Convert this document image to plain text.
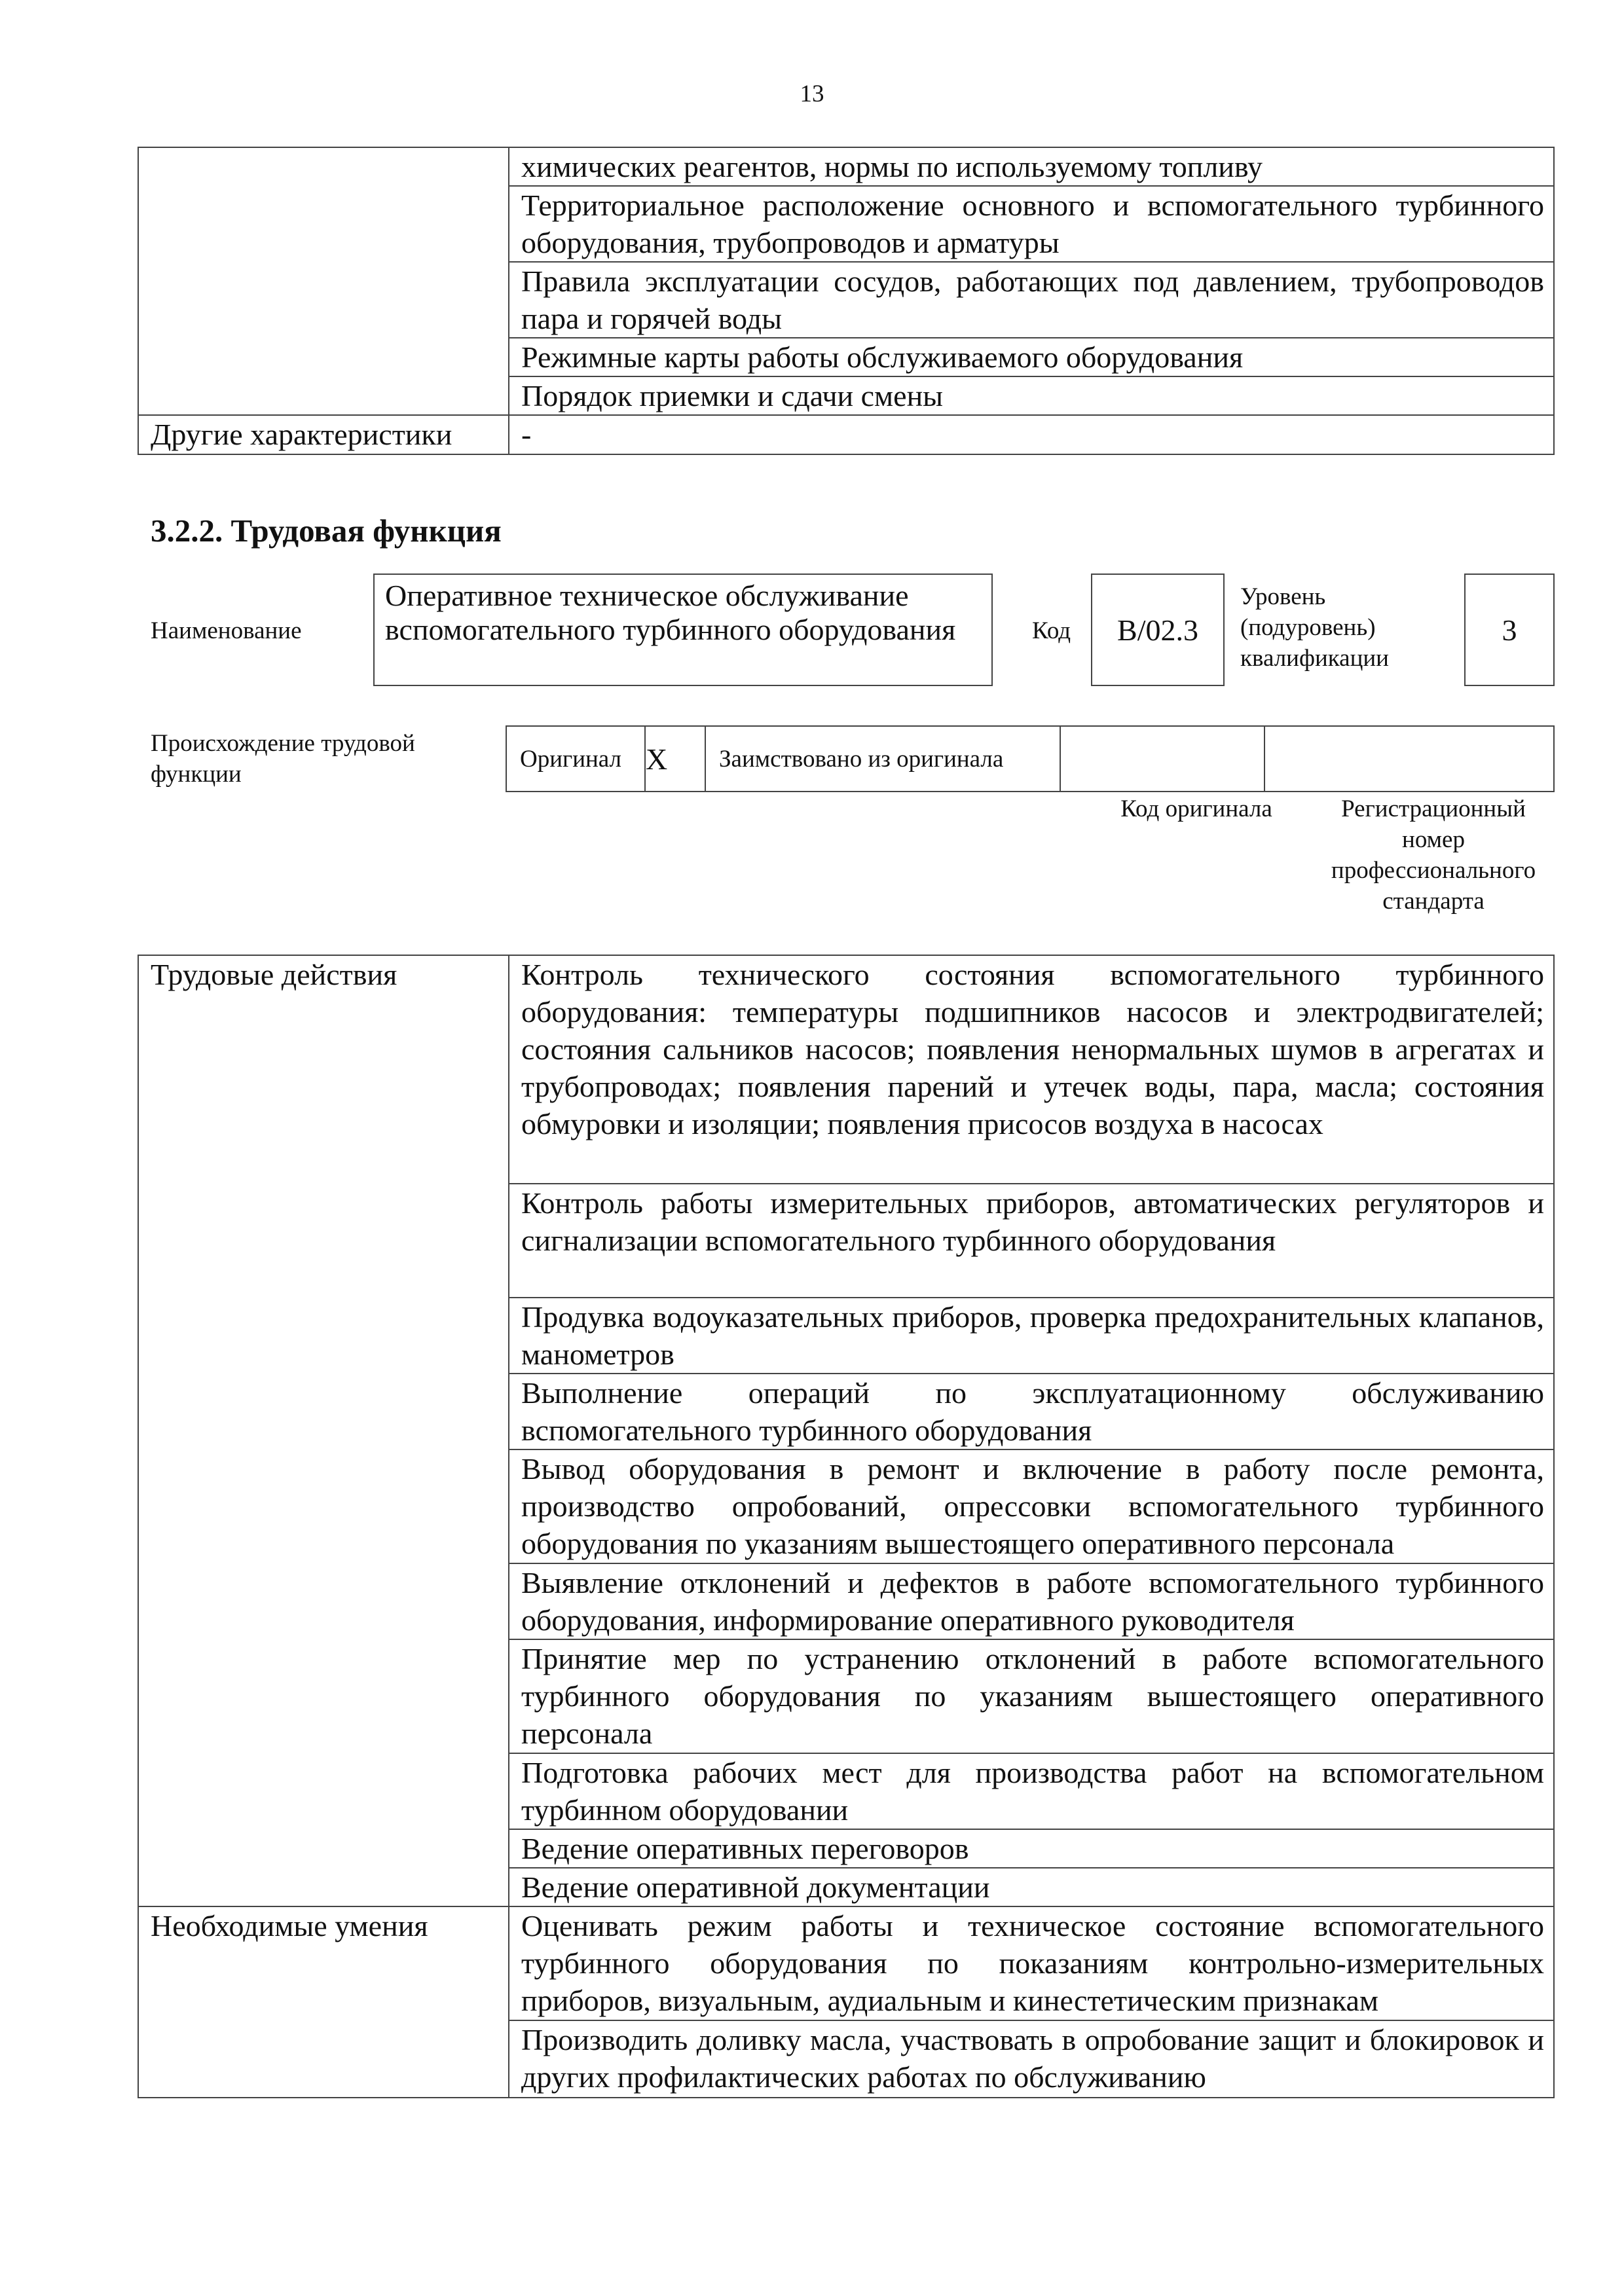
13
	химических реагентов, нормы по используемому топливу
	Территориальное расположение основного и вспомогательного турбинного оборудования, трубопроводов и арматуры
	Правила эксплуатации сосудов, работающих под давлением, трубопроводов пара и горячей воды
	Режимные карты работы обслуживаемого оборудования
	Порядок приемки и сдачи смены
Другие характеристики	-
3.2.2. Трудовая функция
Наименование
Оперативное техническое обслуживание вспомогательного турбинного оборудования	Код B/02.3
Уровень (подуровень) квалификации
3
Происхождение трудовой функции
Оригинал	X	Заимствовано из оригинала		
Код оригинала	Регистрационный номер профессионального стандарта
Трудовые действия	Контроль технического состояния вспомогательного турбинного оборудования: температуры подшипников насосов и электродвигателей; состояния сальников насосов; появления ненормальных шумов в агрегатах и трубопроводах; появления парений и утечек воды, пара, масла; состояния обмуровки и изоляции; появления присосов воздуха в насосах
	Контроль работы измерительных приборов, автоматических регуляторов и сигнализации вспомогательного турбинного оборудования
	Продувка водоуказательных приборов, проверка предохранительных клапанов, манометров
	Выполнение операций по эксплуатационному обслуживанию вспомогательного турбинного оборудования
	Вывод оборудования в ремонт и включение в работу после ремонта, производство опробований, опрессовки вспомогательного турбинного оборудования по указаниям вышестоящего оперативного персонала
	Выявление отклонений и дефектов в работе вспомогательного турбинного оборудования, информирование оперативного руководителя
	Принятие мер по устранению отклонений в работе вспомогательного турбинного оборудования по указаниям вышестоящего оперативного персонала
	Подготовка рабочих мест для производства работ на вспомогательном турбинном оборудовании
	Ведение оперативных переговоров
	Ведение оперативной документации
Необходимые умения	Оценивать режим работы и техническое состояние вспомогательного турбинного оборудования по показаниям контрольно-измерительных приборов, визуальным, аудиальным и кинестетическим признакам
	Производить доливку масла, участвовать в опробование защит и блокировок и других профилактических работах по обслуживанию
